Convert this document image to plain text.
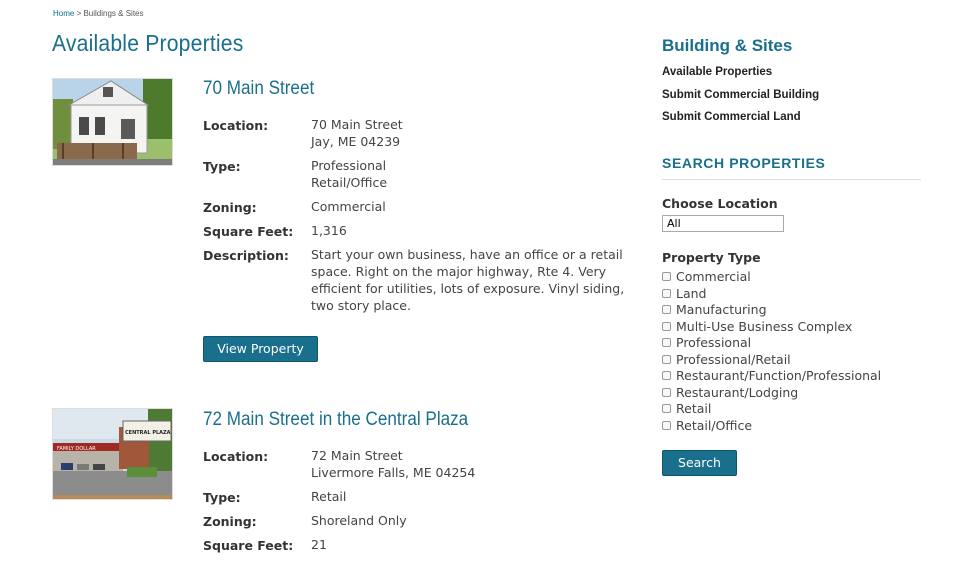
Home > Buildings & Sites
Available Properties
70 Main Street
Location:	70 Main Street
Jay, ME 04239
Type:	Professional
Retail/Office
Zoning:	Commercial
Square Feet: 1,316
Description: Start your own business, have an office or a retail space. Right on the major highway, Rte 4. Very efficient for utilities, lots of exposure. Vinyl siding, two story place.
View Property
FAMILY DOLLAR
CENTRAL PLAZA
72 Main Street in the Central Plaza
Location:	72 Main Street
Livermore Falls, ME 04254
Type:	Retail
Zoning:	Shoreland Only
Square Feet: 21
Building & Sites
Available Properties
Submit Commercial Building
Submit Commercial Land
SEARCH PROPERTIES
Choose Location
All
Property Type
Commercial
Land
Manufacturing
Multi-Use Business Complex
Professional
Professional/Retail
Restaurant/Function/Professional
Restaurant/Lodging
Retail
Retail/Office
Search
